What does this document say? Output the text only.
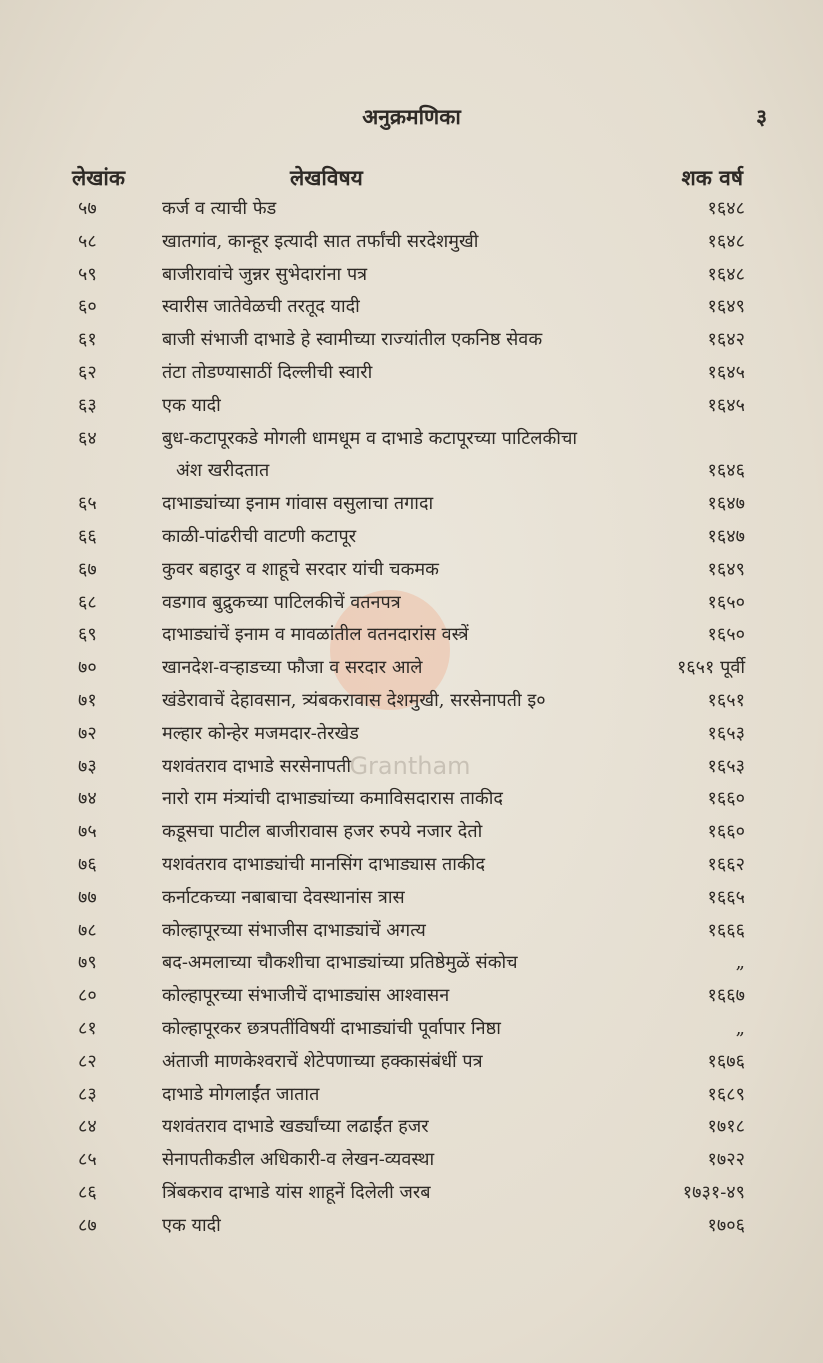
अनुक्रमणिका	३
लेखांक	लेखविषय	शक वर्ष
Grantham
५७	कर्ज व त्याची फेड	१६४८
५८	खातगांव, कान्हूर इत्यादी सात तर्फांची सरदेशमुखी	१६४८
५९	बाजीरावांचे जुन्नर सुभेदारांना पत्र	१६४८
६०	स्वारीस जातेवेळची तरतूद यादी	१६४९
६१	बाजी संभाजी दाभाडे हे स्वामीच्या राज्यांतील एकनिष्ठ सेवक	१६४२
६२	तंटा तोडण्यासाठीं दिल्लीची स्वारी	१६४५
६३	एक यादी	१६४५
६४	बुध-कटापूरकडे मोगली धामधूम व दाभाडे कटापूरच्या पाटिलकीचा
अंश खरीदतात	१६४६
६५	दाभाड्यांच्या इनाम गांवास वसुलाचा तगादा	१६४७
६६	काळी-पांढरीची वाटणी कटापूर	१६४७
६७	कुवर बहादुर व शाहूचे सरदार यांची चकमक	१६४९
६८	वडगाव बुद्रुकच्या पाटिलकीचें वतनपत्र	१६५०
६९	दाभाड्यांचें इनाम व मावळांतील वतनदारांस वस्त्रें	१६५०
७०	खानदेश-वऱ्हाडच्या फौजा व सरदार आले	१६५१ पूर्वी
७१	खंडेरावाचें देहावसान, त्र्यंबकरावास देशमुखी, सरसेनापती इ०	१६५१
७२	मल्हार कोन्हेर मजमदार-तेरखेड	१६५३
७३	यशवंतराव दाभाडे सरसेनापती	१६५३
७४	नारो राम मंत्र्यांची दाभाड्यांच्या कमाविसदारास ताकीद	१६६०
७५	कडूसचा पाटील बाजीरावास हजर रुपये नजार देतो	१६६०
७६	यशवंतराव दाभाड्यांची मानसिंग दाभाड्यास ताकीद	१६६२
७७	कर्नाटकच्या नबाबाचा देवस्थानांस त्रास	१६६५
७८	कोल्हापूरच्या संभाजीस दाभाड्यांचें अगत्य	१६६६
७९	बद-अमलाच्या चौकशीचा दाभाड्यांच्या प्रतिष्ठेमुळें संकोच	„
८०	कोल्हापूरच्या संभाजीचें दाभाड्यांस आश्वासन	१६६७
८१	कोल्हापूरकर छत्रपतींविषयीं दाभाड्यांची पूर्वापार निष्ठा	„
८२	अंताजी माणकेश्वराचें शेटेपणाच्या हक्कासंबंधीं पत्र	१६७६
८३	दाभाडे मोगलाईंत जातात	१६८९
८४	यशवंतराव दाभाडे खर्ड्यांच्या लढाईंत हजर	१७१८
८५	सेनापतीकडील अधिकारी-व लेखन-व्यवस्था	१७२२
८६	त्रिंबकराव दाभाडे यांस शाहूनें दिलेली जरब	१७३१-४९
८७	एक यादी	१७०६
